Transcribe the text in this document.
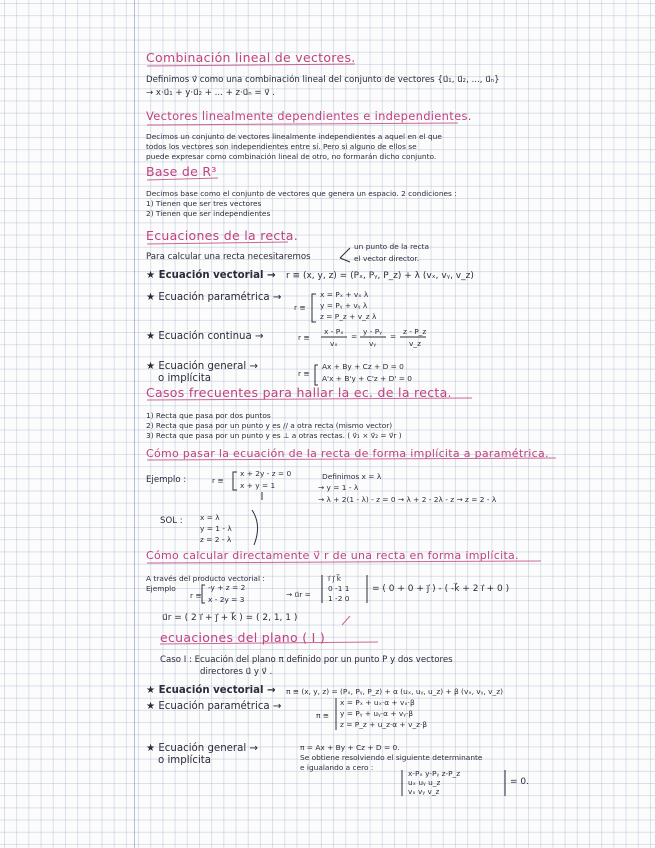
Combinación lineal de vectores.
Definimos v⃗ como una combinación lineal del conjunto de vectores {u⃗₁, u⃗₂, ..., u⃗ₙ}
→ x·u⃗₁ + y·u⃗₂ + ... + z·u⃗ₙ = v⃗ .
Vectores linealmente dependientes e independientes.
Decimos un conjunto de vectores linealmente independientes a aquel en el que
todos los vectores son independientes entre sí. Pero si alguno de ellos se
puede expresar como combinación lineal de otro, no formarán dicho conjunto.
Base de R³
Decimos base como el conjunto de vectores que genera un espacio. 2 condiciones :
1) Tienen que ser tres vectores
2) Tienen que ser independientes
Ecuaciones de la recta.
Para calcular una recta necesitaremos
un punto de la recta
el vector director.
★ Ecuación vectorial → r ≡ (x, y, z) = (Pₓ, Pᵧ, P_z) + λ (vₓ, vᵧ, v_z)
★ Ecuación paramétrica →
r ≡
x = Pₓ + vₓ λ
y = Pᵧ + vᵧ λ
z = P_z + v_z λ
★ Ecuación continua →	r ≡
x - Pₓ
vₓ
y - Pᵧ
vᵧ
z - P_z
v_z
=	=
★ Ecuación general →
o implícita	r ≡
Ax + By + Cz + D = 0
A'x + B'y + C'z + D' = 0
Casos frecuentes para hallar la ec. de la recta.
1) Recta que pasa por dos puntos
2) Recta que pasa por un punto y es // a otra recta (mismo vector)
3) Recta que pasa por un punto y es ⊥ a otras rectas. ( v⃗₁ × v⃗₂ = v⃗r )
Cómo pasar la ecuación de la recta de forma implícita a paramétrica.
Ejemplo :	r ≡
x + 2y - z = 0
x + y = 1
Definimos x = λ
→ y = 1 - λ
→ λ + 2(1 - λ) - z = 0 → λ + 2 - 2λ - z → z = 2 - λ
SOL : x = λ
y = 1 - λ
z = 2 - λ
Cómo calcular directamente v⃗ r de una recta en forma implícita.
A través del producto vectorial :
Ejemplo
r ≡
-y + z = 2
x - 2y = 3
→ u⃗r =
i⃗ j⃗ k⃗
0 -1 1
1 -2 0
= ( 0 + 0 + j⃗ ) - ( -k⃗ + 2 i⃗ + 0 )
u⃗r = ( 2 i⃗ + j⃗ + k⃗ ) = ( 2, 1, 1 )
ecuaciones del plano ( I )
Caso I : Ecuación del plano π definido por un punto P y dos vectores
directores u⃗ y v⃗ .
★ Ecuación vectorial → π ≡ (x, y, z) = (Pₓ, Pᵧ, P_z) + α (uₓ, uᵧ, u_z) + β (vₓ, vᵧ, v_z)
★ Ecuación paramétrica →
π ≡
x = Pₓ + uₓ·α + vₓ·β
y = Pᵧ + uᵧ·α + vᵧ·β
z = P_z + u_z·α + v_z·β
★ Ecuación general →
o implícita
π = Ax + By + Cz + D = 0.
Se obtiene resolviendo el siguiente determinante
e igualando a cero :
x-Pₓ y-Pᵧ z-P_z
uₓ uᵧ u_z
vₓ vᵧ v_z
= 0.
